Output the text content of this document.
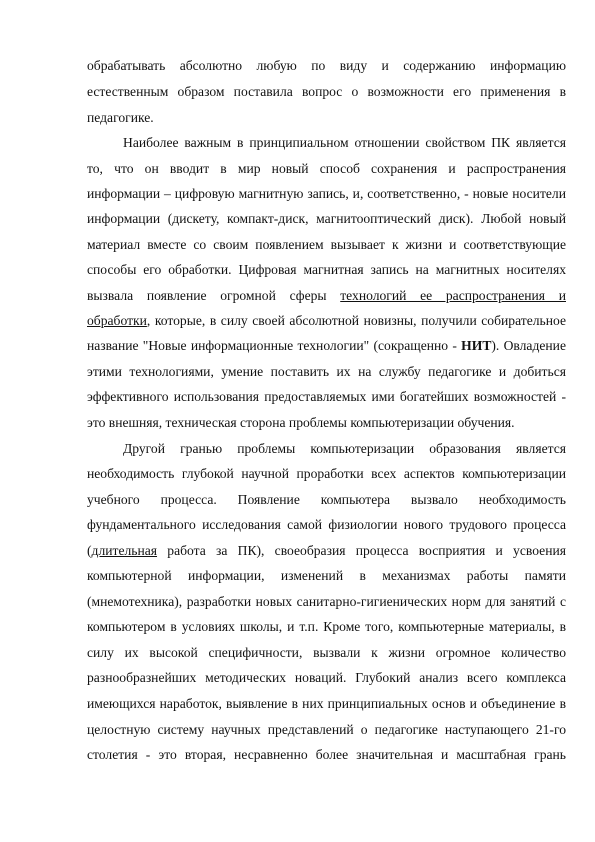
обрабатывать абсолютно любую по виду и содержанию информацию
естественным образом поставила вопрос о возможности его применения в
педагогике.
Наиболее важным в принципиальном отношении свойством ПК является
то, что он вводит в мир новый способ сохранения и распространения
информации – цифровую магнитную запись, и, соответственно, - новые носители
информации (дискету, компакт-диск, магнитооптический диск). Любой новый
материал вместе со своим появлением вызывает к жизни и соответствующие
способы его обработки. Цифровая магнитная запись на магнитных носителях
вызвала появление огромной сферы технологий ее распространения и
обработки, которые, в силу своей абсолютной новизны, получили собирательное
название "Новые информационные технологии" (сокращенно - НИТ). Овладение
этими технологиями, умение поставить их на службу педагогике и добиться
эффективного использования предоставляемых ими богатейших возможностей -
это внешняя, техническая сторона проблемы компьютеризации обучения.
Другой гранью проблемы компьютеризации образования является
необходимость глубокой научной проработки всех аспектов компьютеризации
учебного процесса. Появление компьютера вызвало необходимость
фундаментального исследования самой физиологии нового трудового процесса
(длительная работа за ПК), своеобразия процесса восприятия и усвоения
компьютерной информации, изменений в механизмах работы памяти
(мнемотехника), разработки новых санитарно-гигиенических норм для занятий с
компьютером в условиях школы, и т.п. Кроме того, компьютерные материалы, в
силу их высокой специфичности, вызвали к жизни огромное количество
разнообразнейших методических новаций. Глубокий анализ всего комплекса
имеющихся наработок, выявление в них принципиальных основ и объединение в
целостную систему научных представлений о педагогике наступающего 21-го
столетия - это вторая, несравненно более значительная и масштабная грань
